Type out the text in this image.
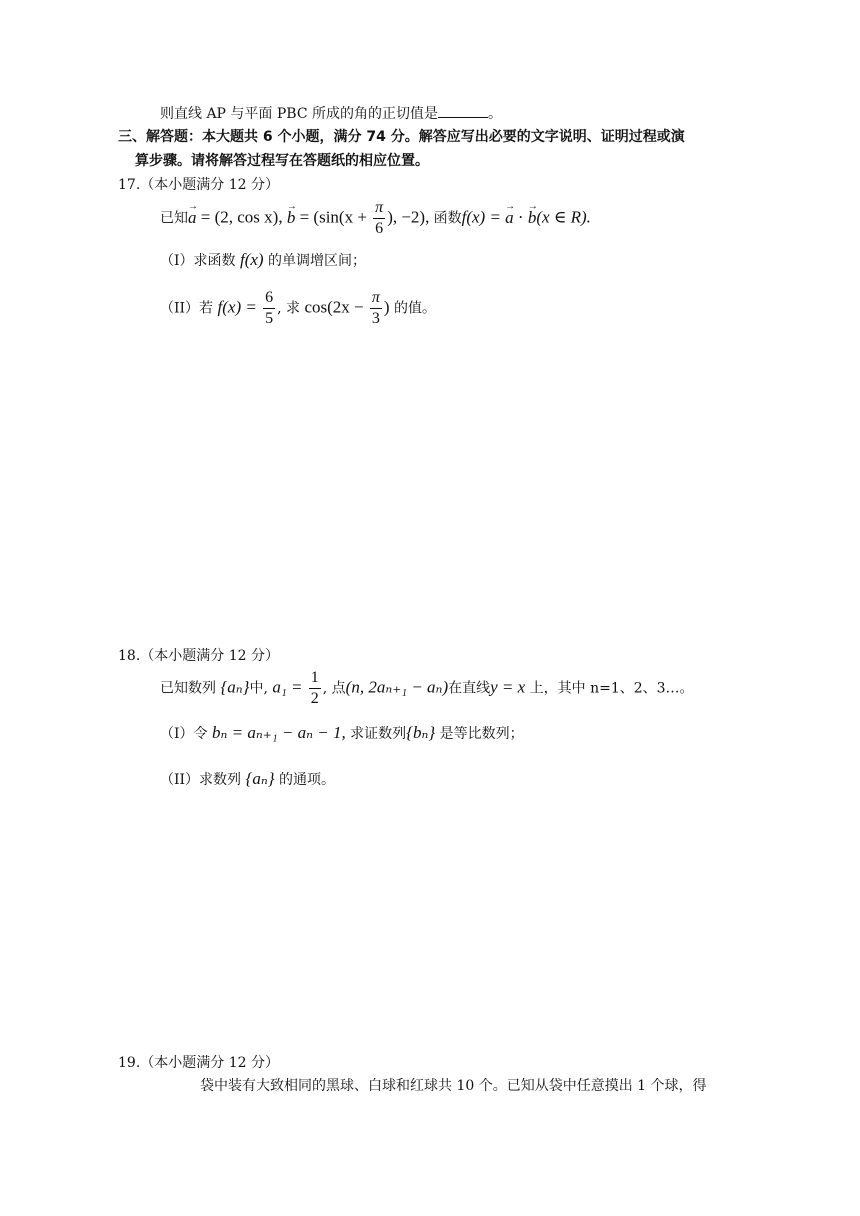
则直线 AP 与平面 PBC 所成的角的正切值是	。
三、解答题：本大题共 6 个小题，满分 74 分。解答应写出必要的文字说明、证明过程或演
算步骤。请将解答过程写在答题纸的相应位置。
17.（本小题满分 12 分）
已知→ a = (2, cos x), → $b = (\sin(x + \frac{\pi}{6}$ ), −2), 函数f(x) = → a · → b(x ∈ R).
（I）求函数 f(x) 的单调增区间；
（II）若 $f(x) = \frac{6}{5}$ , 求 $\cos(2x - \frac{\pi}{3}$ ) 的值。
18.（本小题满分 12 分）
已知数列 {aₙ}中, $a_1 = \frac{1}{2}$ , 点(n, 2aₙ₊₁ − aₙ)在直线y = x 上，其中 n=1、2、3…。
（I）令 bₙ = aₙ₊₁ − aₙ − 1, 求证数列{bₙ} 是等比数列；
（II）求数列 {aₙ} 的通项。
19.（本小题满分 12 分）
袋中装有大致相同的黑球、白球和红球共 10 个。已知从袋中任意摸出 1 个球，得
